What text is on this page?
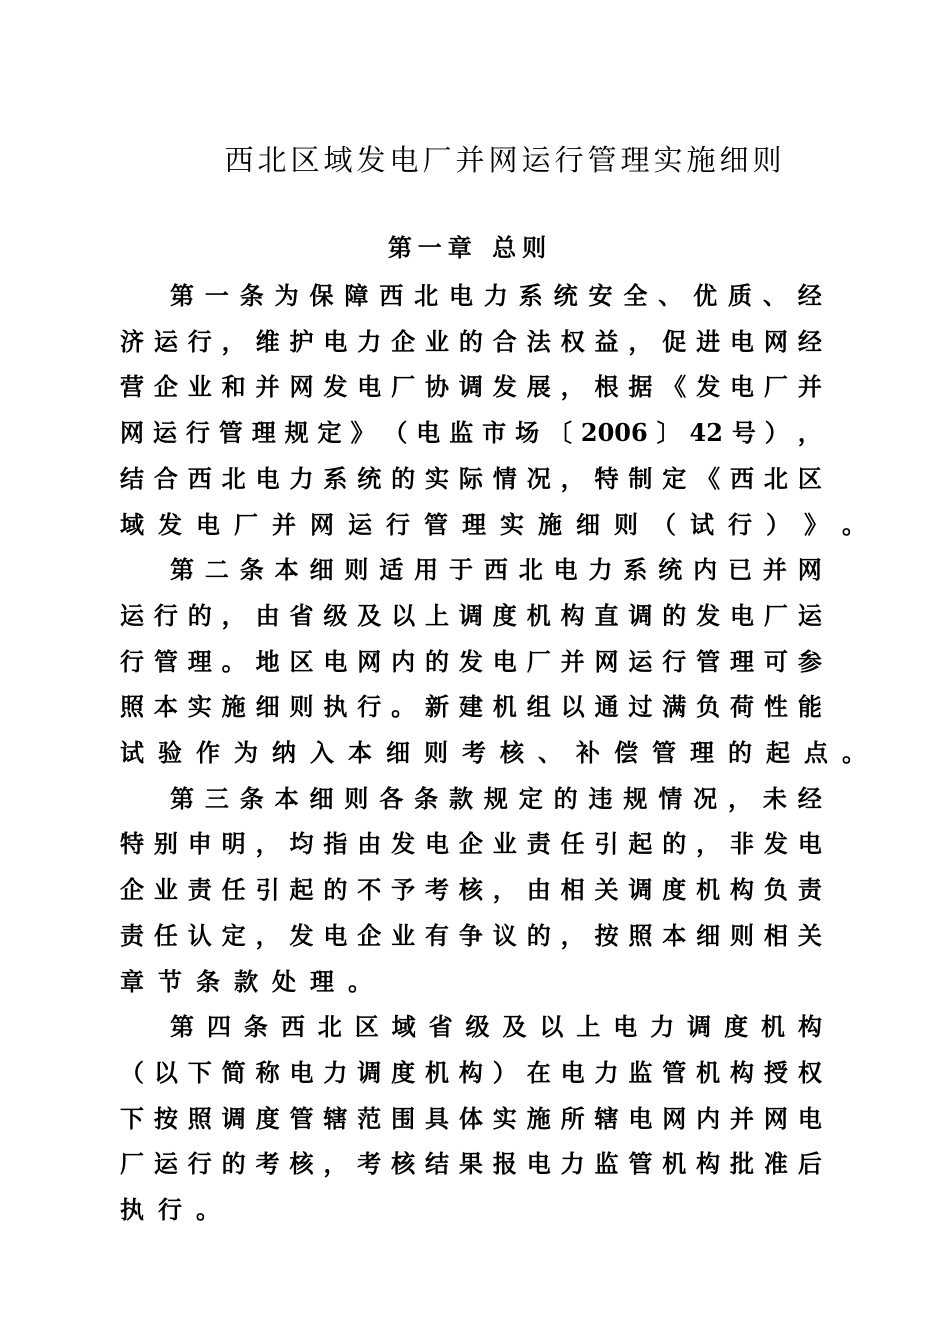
西北区域发电厂并网运行管理实施细则
第一章 总则
第 一 条 为 保 障 西 北 电 力 系 统 安 全 、 优 质 、 经
济 运 行 ， 维 护 电 力 企 业 的 合 法 权 益 ， 促 进 电 网 经
营 企 业 和 并 网 发 电 厂 协 调 发 展 ， 根 据 《 发 电 厂 并
网 运 行 管 理 规 定 》 （ 电 监 市 场 〔 2006 〕 42 号 ） ，
结 合 西 北 电 力 系 统 的 实 际 情 况 ， 特 制 定 《 西 北 区
域 发 电 厂 并 网 运 行 管 理 实 施 细 则 （ 试 行 ） 》 。
第 二 条 本 细 则 适 用 于 西 北 电 力 系 统 内 已 并 网
运 行 的 ， 由 省 级 及 以 上 调 度 机 构 直 调 的 发 电 厂 运
行 管 理 。 地 区 电 网 内 的 发 电 厂 并 网 运 行 管 理 可 参
照 本 实 施 细 则 执 行 。 新 建 机 组 以 通 过 满 负 荷 性 能
试 验 作 为 纳 入 本 细 则 考 核 、 补 偿 管 理 的 起 点 。
第 三 条 本 细 则 各 条 款 规 定 的 违 规 情 况 ， 未 经
特 别 申 明 ， 均 指 由 发 电 企 业 责 任 引 起 的 ， 非 发 电
企 业 责 任 引 起 的 不 予 考 核 ， 由 相 关 调 度 机 构 负 责
责 任 认 定 ， 发 电 企 业 有 争 议 的 ， 按 照 本 细 则 相 关
章 节 条 款 处 理 。
第 四 条 西 北 区 域 省 级 及 以 上 电 力 调 度 机 构
（ 以 下 简 称 电 力 调 度 机 构 ） 在 电 力 监 管 机 构 授 权
下 按 照 调 度 管 辖 范 围 具 体 实 施 所 辖 电 网 内 并 网 电
厂 运 行 的 考 核 ， 考 核 结 果 报 电 力 监 管 机 构 批 准 后
执 行 。
